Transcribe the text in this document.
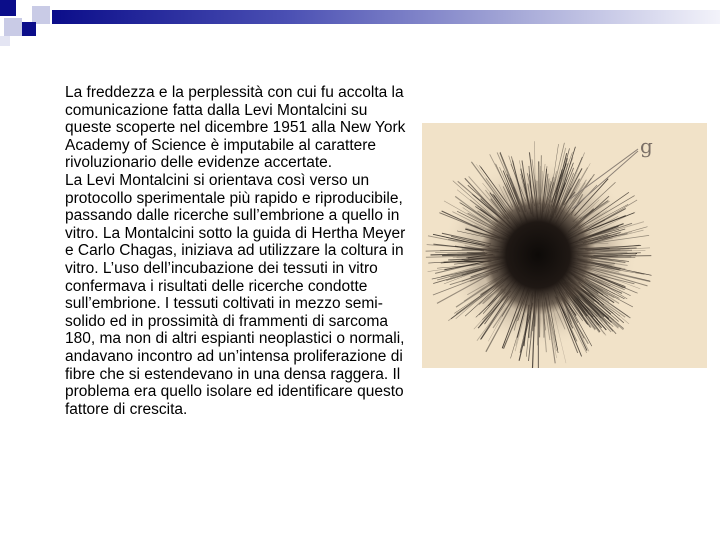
La freddezza e la perplessità con cui fu accolta la comunicazione fatta dalla Levi Montalcini su queste scoperte nel dicembre 1951 alla New York Academy of Science è imputabile al carattere rivoluzionario delle evidenze accertate.

La Levi Montalcini si orientava così verso un protocollo sperimentale più rapido e riproducibile, passando dalle ricerche sull’embrione a quello in vitro. La Montalcini sotto la guida di Hertha Meyer e Carlo Chagas, iniziava ad utilizzare la coltura in vitro. L’uso dell’incubazione dei tessuti in vitro confermava i risultati delle ricerche condotte sull’embrione. I tessuti coltivati in mezzo semi-solido ed in prossimità di frammenti di sarcoma 180, ma non di altri espianti neoplastici o normali, andavano incontro ad un’intensa proliferazione di fibre che si estendevano in una densa raggera. Il problema era quello isolare ed identificare questo fattore di crescita.

g
